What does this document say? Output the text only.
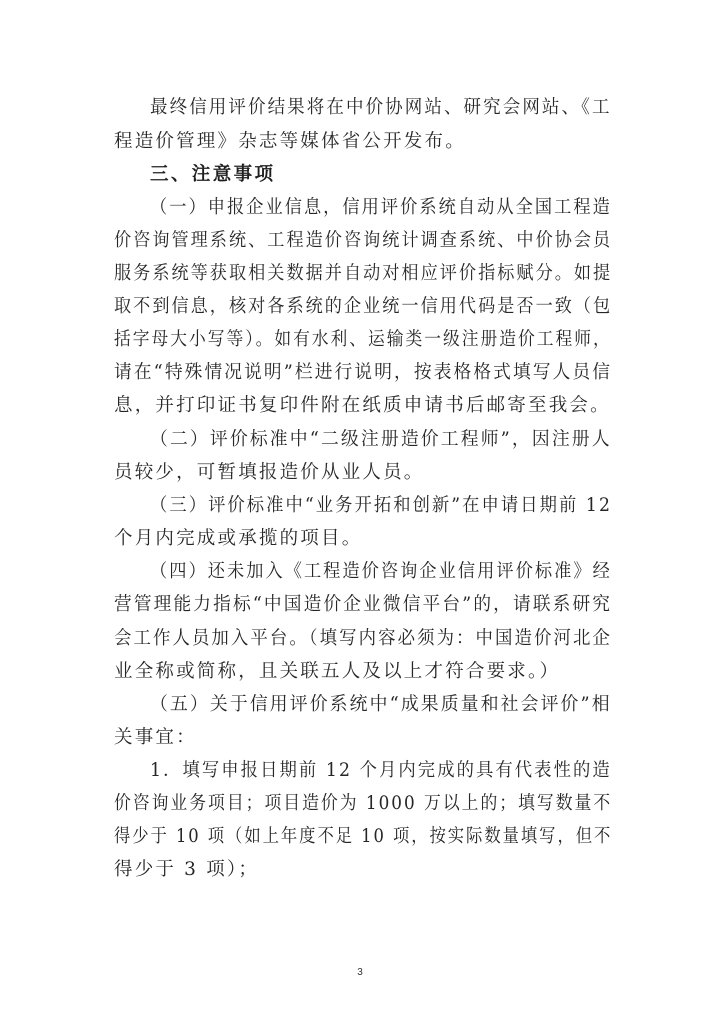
最终信用评价结果将在中价协网站、研究会网站、《工
程造价管理》杂志等媒体省公开发布。
三、注意事项
（一）申报企业信息，信用评价系统自动从全国工程造
价咨询管理系统、工程造价咨询统计调查系统、中价协会员
服务系统等获取相关数据并自动对相应评价指标赋分。如提
取不到信息，核对各系统的企业统一信用代码是否一致（包
括字母大小写等）。如有水利、运输类一级注册造价工程师，
请在“特殊情况说明”栏进行说明，按表格格式填写人员信
息，并打印证书复印件附在纸质申请书后邮寄至我会。
（二）评价标准中“二级注册造价工程师”，因注册人
员较少，可暂填报造价从业人员。
（三）评价标准中“业务开拓和创新”在申请日期前 12
个月内完成或承揽的项目。
（四）还未加入《工程造价咨询企业信用评价标准》经
营管理能力指标“中国造价企业微信平台”的，请联系研究
会工作人员加入平台。（填写内容必须为：中国造价河北企
业全称或简称，且关联五人及以上才符合要求。）
（五）关于信用评价系统中“成果质量和社会评价”相
关事宜：
1．填写申报日期前 12 个月内完成的具有代表性的造
价咨询业务项目；项目造价为 1000 万以上的；填写数量不
得少于 10 项（如上年度不足 10 项，按实际数量填写，但不
得少于 3 项）；
3
